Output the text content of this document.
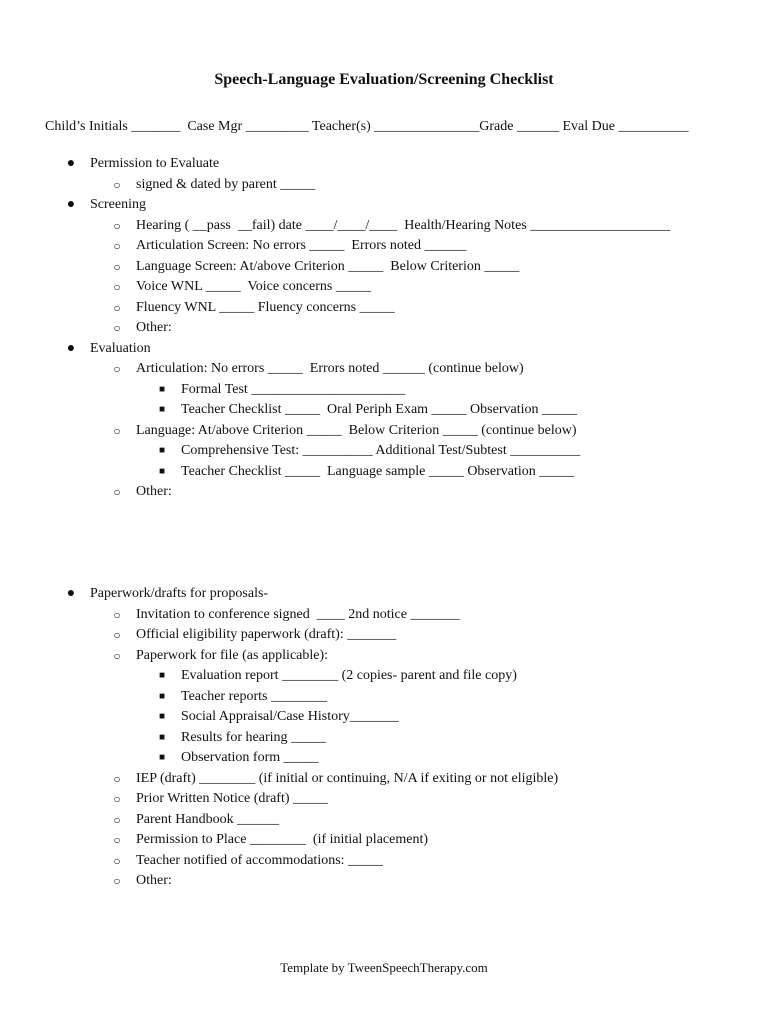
Speech-Language Evaluation/Screening Checklist
Child’s Initials _______  Case Mgr _________ Teacher(s) _______________Grade ______ Eval Due __________
● Permission to Evaluate
○ signed & dated by parent _____
● Screening
○ Hearing ( __pass  __fail) date ____/____/____  Health/Hearing Notes ____________________
○ Articulation Screen: No errors _____  Errors noted ______
○ Language Screen: At/above Criterion _____  Below Criterion _____
○ Voice WNL _____  Voice concerns _____
○ Fluency WNL _____ Fluency concerns _____
○ Other:
● Evaluation
○ Articulation: No errors _____  Errors noted ______ (continue below)
■ Formal Test ______________________
■ Teacher Checklist _____  Oral Periph Exam _____ Observation _____
○ Language: At/above Criterion _____  Below Criterion _____ (continue below)
■ Comprehensive Test: __________ Additional Test/Subtest __________
■ Teacher Checklist _____  Language sample _____ Observation _____
○ Other:
● Paperwork/drafts for proposals-
○ Invitation to conference signed  ____ 2nd notice _______
○ Official eligibility paperwork (draft): _______
○ Paperwork for file (as applicable):
■ Evaluation report ________ (2 copies- parent and file copy)
■ Teacher reports ________
■ Social Appraisal/Case History_______
■ Results for hearing _____
■ Observation form _____
○ IEP (draft) ________ (if initial or continuing, N/A if exiting or not eligible)
○ Prior Written Notice (draft) _____
○ Parent Handbook ______
○ Permission to Place ________  (if initial placement)
○ Teacher notified of accommodations: _____
○ Other:
Template by TweenSpeechTherapy.com
